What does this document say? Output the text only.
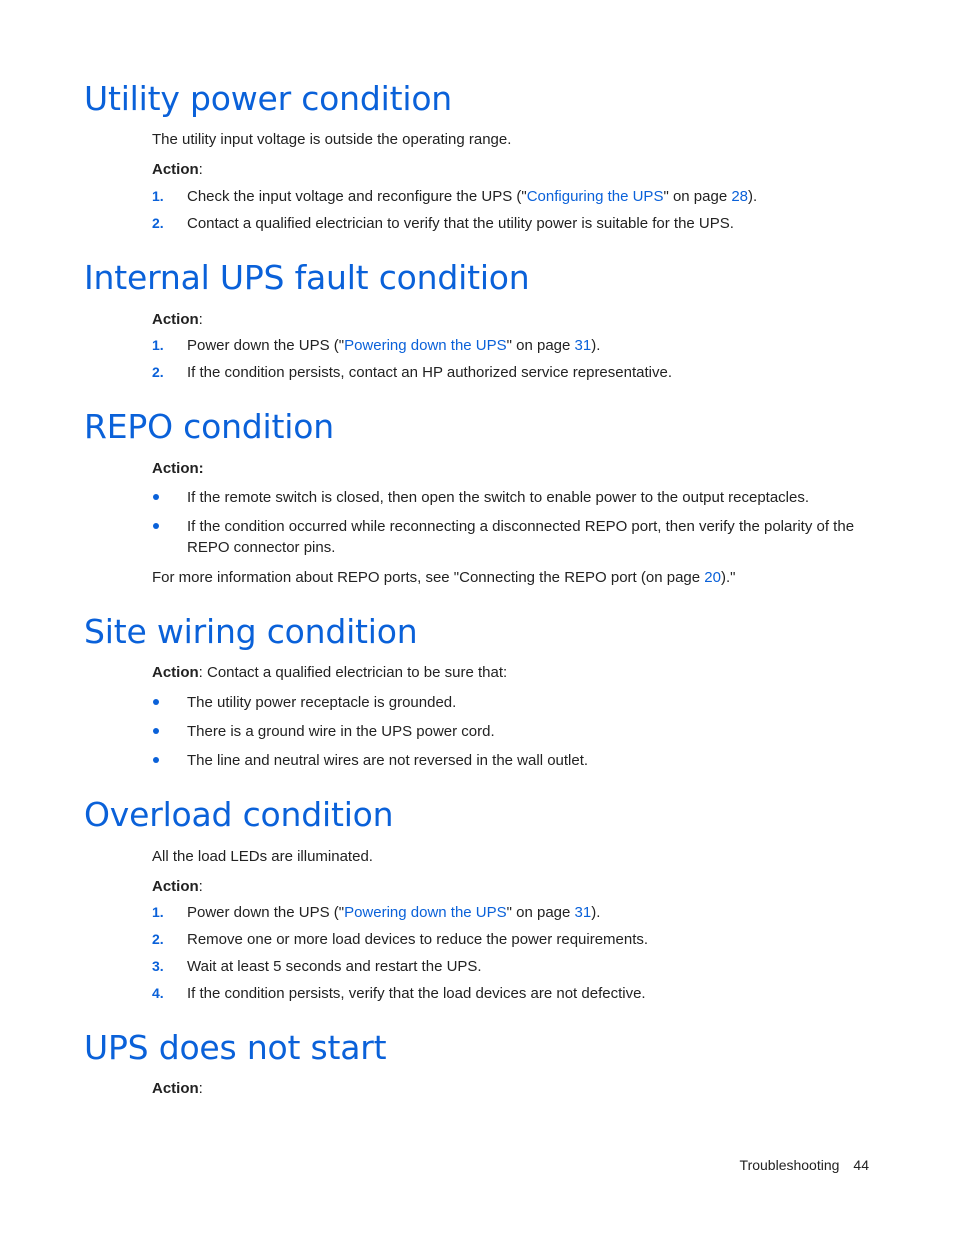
Utility power condition

The utility input voltage is outside the operating range.

Action:

1. Check the input voltage and reconfigure the UPS ("Configuring the UPS" on page 28).
2. Contact a qualified electrician to verify that the utility power is suitable for the UPS.
Internal UPS fault condition

Action:

1. Power down the UPS ("Powering down the UPS" on page 31).
2. If the condition persists, contact an HP authorized service representative.
REPO condition

Action:

If the remote switch is closed, then open the switch to enable power to the output receptacles.
If the condition occurred while reconnecting a disconnected REPO port, then verify the polarity of the REPO connector pins.

For more information about REPO ports, see "Connecting the REPO port (on page 20)."

Site wiring condition

Action: Contact a qualified electrician to be sure that:

The utility power receptacle is grounded.
There is a ground wire in the UPS power cord.
The line and neutral wires are not reversed in the wall outlet.
Overload condition

All the load LEDs are illuminated.

Action:

1. Power down the UPS ("Powering down the UPS" on page 31).
2. Remove one or more load devices to reduce the power requirements.
3. Wait at least 5 seconds and restart the UPS.
4. If the condition persists, verify that the load devices are not defective.
UPS does not start

Action:

Troubleshooting 44
